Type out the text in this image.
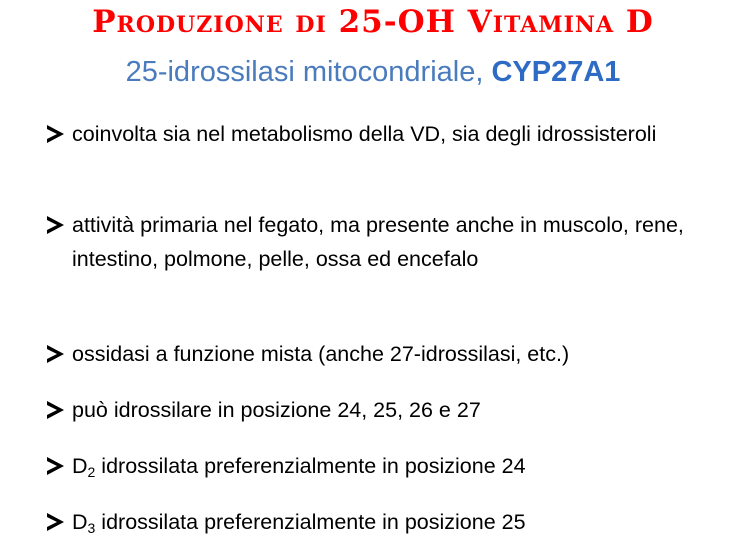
Produzione di 25-OH Vitamina D
25-idrossilasi mitocondriale, CYP27A1
coinvolta sia nel metabolismo della VD, sia degli idrossisteroli
attività primaria nel fegato, ma presente anche in muscolo, rene, intestino, polmone, pelle, ossa ed encefalo
ossidasi a funzione mista (anche 27-idrossilasi, etc.)
può idrossilare in posizione 24, 25, 26 e 27
$D_2$ idrossilata preferenzialmente in posizione 24
$D_3$ idrossilata preferenzialmente in posizione 25
